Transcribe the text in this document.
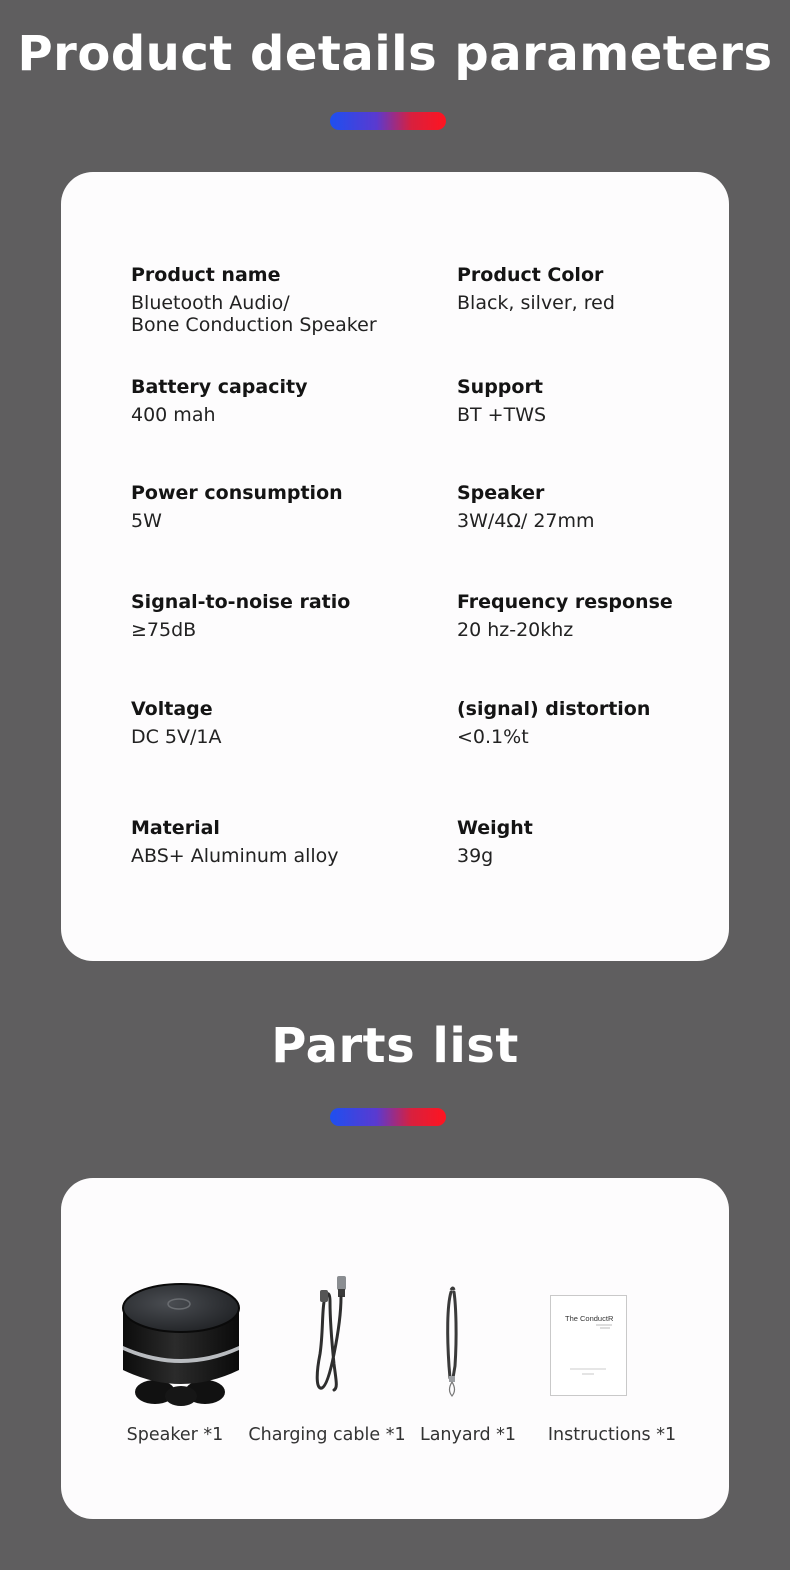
Product details parameters
Product name
Bluetooth Audio/
Bone Conduction Speaker
Product Color
Black, silver, red
Battery capacity
400 mah
Support
BT +TWS
Power consumption
5W
Speaker
3W/4Ω/ 27mm
Signal-to-noise ratio
≥75dB
Frequency response
20 hz-20khz
Voltage
DC 5V/1A
(signal) distortion
<0.1%t
Material
ABS+ Aluminum alloy
Weight
39g
Parts list
The ConductR
Speaker *1	Charging cable *1 Lanyard *1	Instructions *1
